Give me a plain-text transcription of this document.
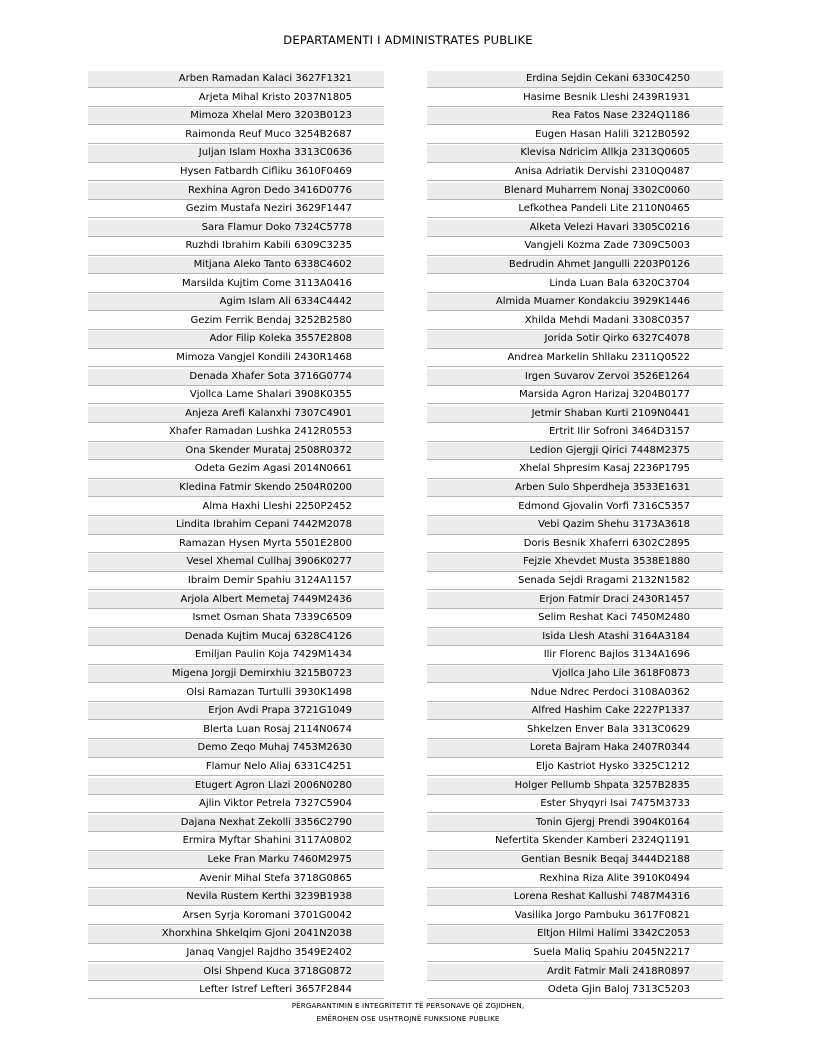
DEPARTAMENTI I ADMINISTRATES PUBLIKE
Arben Ramadan Kalaci 3627F1321
Arjeta Mihal Kristo 2037N1805
Mimoza Xhelal Mero 3203B0123
Raimonda Reuf Muco 3254B2687
Juljan Islam Hoxha 3313C0636
Hysen Fatbardh Cifliku 3610F0469
Rexhina Agron Dedo 3416D0776
Gezim Mustafa Neziri 3629F1447
Sara Flamur Doko 7324C5778
Ruzhdi Ibrahim Kabili 6309C3235
Mitjana Aleko Tanto 6338C4602
Marsilda Kujtim Come 3113A0416
Agim Islam Ali 6334C4442
Gezim Ferrik Bendaj 3252B2580
Ador Filip Koleka 3557E2808
Mimoza Vangjel Kondili 2430R1468
Denada Xhafer Sota 3716G0774
Vjollca Lame Shalari 3908K0355
Anjeza Arefi Kalanxhi 7307C4901
Xhafer Ramadan Lushka 2412R0553
Ona Skender Murataj 2508R0372
Odeta Gezim Agasi 2014N0661
Kledina Fatmir Skendo 2504R0200
Alma Haxhi Lleshi 2250P2452
Lindita Ibrahim Cepani 7442M2078
Ramazan Hysen Myrta 5501E2800
Vesel Xhemal Cullhaj 3906K0277
Ibraim Demir Spahiu 3124A1157
Arjola Albert Memetaj 7449M2436
Ismet Osman Shata 7339C6509
Denada Kujtim Mucaj 6328C4126
Emiljan Paulin Koja 7429M1434
Migena Jorgji Demirxhiu 3215B0723
Olsi Ramazan Turtulli 3930K1498
Erjon Avdi Prapa 3721G1049
Blerta Luan Rosaj 2114N0674
Demo Zeqo Muhaj 7453M2630
Flamur Nelo Aliaj 6331C4251
Etugert Agron Llazi 2006N0280
Ajlin Viktor Petrela 7327C5904
Dajana Nexhat Zekolli 3356C2790
Ermira Myftar Shahini 3117A0802
Leke Fran Marku 7460M2975
Avenir Mihal Stefa 3718G0865
Nevila Rustem Kerthi 3239B1938
Arsen Syrja Koromani 3701G0042
Xhorxhina Shkelqim Gjoni 2041N2038
Janaq Vangjel Rajdho 3549E2402
Olsi Shpend Kuca 3718G0872
Lefter Istref Lefteri 3657F2844
Erdina Sejdin Cekani 6330C4250
Hasime Besnik Lleshi 2439R1931
Rea Fatos Nase 2324Q1186
Eugen Hasan Halili 3212B0592
Klevisa Ndricim Allkja 2313Q0605
Anisa Adriatik Dervishi 2310Q0487
Blenard Muharrem Nonaj 3302C0060
Lefkothea Pandeli Lite 2110N0465
Alketa Velezi Havari 3305C0216
Vangjeli Kozma Zade 7309C5003
Bedrudin Ahmet Jangulli 2203P0126
Linda Luan Bala 6320C3704
Almida Muamer Kondakciu 3929K1446
Xhilda Mehdi Madani 3308C0357
Jorida Sotir Qirko 6327C4078
Andrea Markelin Shllaku 2311Q0522
Irgen Suvarov Zervoi 3526E1264
Marsida Agron Harizaj 3204B0177
Jetmir Shaban Kurti 2109N0441
Ertrit Ilir Sofroni 3464D3157
Ledion Gjergji Qirici 7448M2375
Xhelal Shpresim Kasaj 2236P1795
Arben Sulo Shperdheja 3533E1631
Edmond Gjovalin Vorfi 7316C5357
Vebi Qazim Shehu 3173A3618
Doris Besnik Xhaferri 6302C2895
Fejzie Xhevdet Musta 3538E1880
Senada Sejdi Rragami 2132N1582
Erjon Fatmir Draci 2430R1457
Selim Reshat Kaci 7450M2480
Isida Llesh Atashi 3164A3184
Ilir Florenc Bajlos 3134A1696
Vjollca Jaho Lile 3618F0873
Ndue Ndrec Perdoci 3108A0362
Alfred Hashim Cake 2227P1337
Shkelzen Enver Bala 3313C0629
Loreta Bajram Haka 2407R0344
Eljo Kastriot Hysko 3325C1212
Holger Pellumb Shpata 3257B2835
Ester Shyqyri Isai 7475M3733
Tonin Gjergj Prendi 3904K0164
Nefertita Skender Kamberi 2324Q1191
Gentian Besnik Beqaj 3444D2188
Rexhina Riza Alite 3910K0494
Lorena Reshat Kallushi 7487M4316
Vasilika Jorgo Pambuku 3617F0821
Eltjon Hilmi Halimi 3342C2053
Suela Maliq Spahiu 2045N2217
Ardit Fatmir Mali 2418R0897
Odeta Gjin Baloj 7313C5203
PËRGARANTIMIN E INTEGRITETIT TË PERSONAVE QË ZGJIDHEN,
EMËROHEN OSE USHTROJNË FUNKSIONE PUBLIKE
